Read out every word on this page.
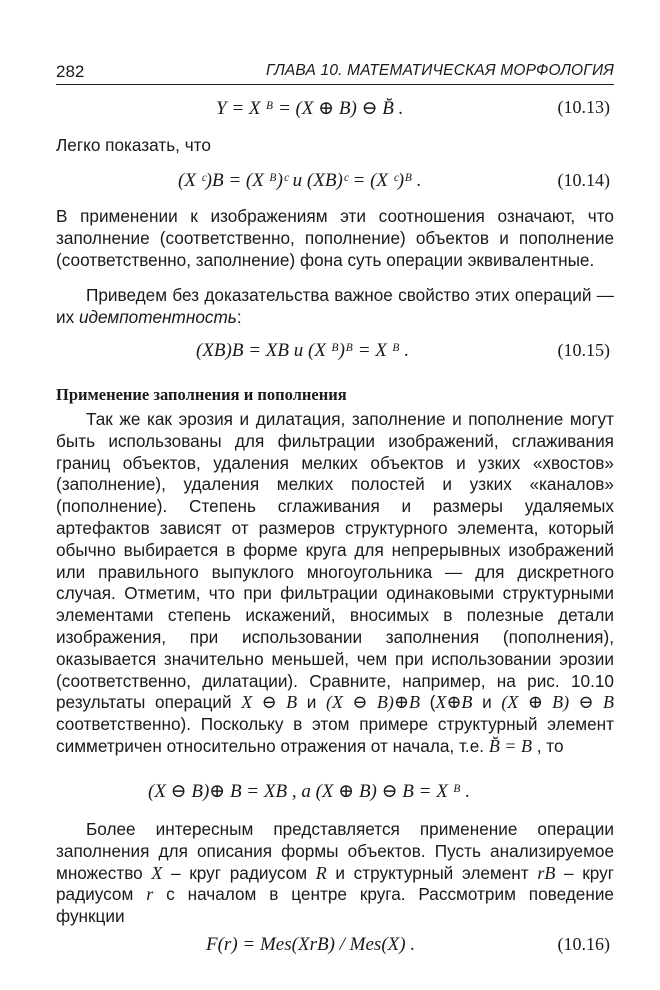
282	ГЛАВА 10. МАТЕМАТИЧЕСКАЯ МОРФОЛОГИЯ
Y = X ᴮ = (X ⊕ B) ⊖ B̆ .	(10.13)

Легко показать, что

(X ᶜ)B = (X ᴮ)ᶜ и (XB)ᶜ = (X ᶜ)ᴮ .	(10.14)

В применении к изображениям эти соотношения означают, что заполнение (соответственно, пополнение) объектов и пополнение (соответственно, заполнение) фона суть операции эквивалентные.

Приведем без доказательства важное свойство этих операций — их идемпотентность:

(XB)B = XB и (X ᴮ)ᴮ = X ᴮ .	(10.15)
Применение заполнения и пополнения

Так же как эрозия и дилатация, заполнение и пополнение могут быть использованы для фильтрации изображений, сглаживания границ объектов, удаления мелких объектов и узких «хвостов» (заполнение), удаления мелких полостей и узких «каналов» (пополнение). Степень сглаживания и размеры удаляемых артефактов зависят от размеров структурного элемента, который обычно выбирается в форме круга для непрерывных изображений или правильного выпуклого многоугольника — для дискретного случая. Отметим, что при фильтрации одинаковыми структурными элементами степень искажений, вносимых в полезные детали изображения, при использовании заполнения (пополнения), оказывается значительно меньшей, чем при использовании эрозии (соответственно, дилатации). Сравните, например, на рис. 10.10 результаты операций X ⊖ B и (X ⊖ B)⊕B (X⊕B и (X ⊕ B) ⊖ B соответственно). Поскольку в этом примере структурный элемент симметричен относительно отражения от начала, т.е. B̆ = B , то

(X ⊖ B)⊕ B = XB , а (X ⊕ B) ⊖ B = X ᴮ .

Более интересным представляется применение операции заполнения для описания формы объектов. Пусть анализируемое множество X – круг радиусом R и структурный элемент rB – круг радиусом r с началом в центре круга. Рассмотрим поведение функции

F(r) = Mes(XrB) / Mes(X) .	(10.16)
